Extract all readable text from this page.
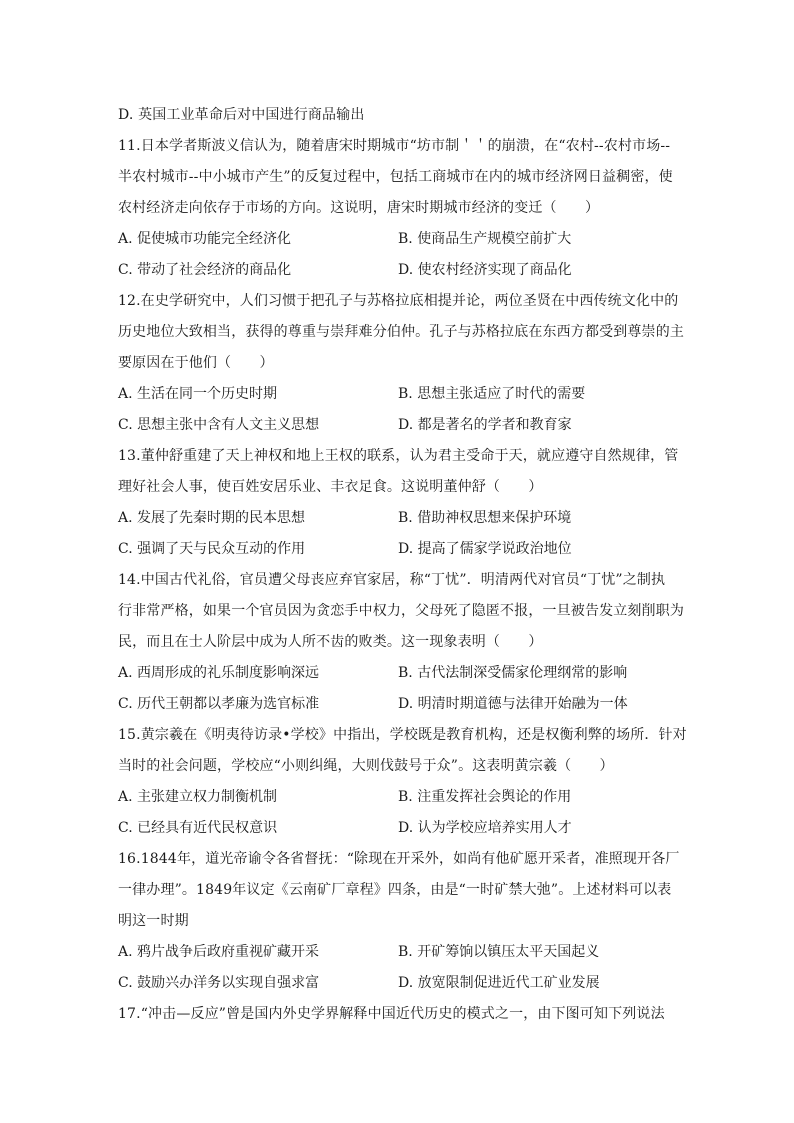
D. 英国工业革命后对中国进行商品输出
11.日本学者斯波义信认为，随着唐宋时期城市“坊市制＇＇的崩溃，在“农村--农村市场--
半农村城市--中小城市产生”的反复过程中，包括工商城市在内的城市经济网日益稠密，使
农村经济走向依存于市场的方向。这说明，唐宋时期城市经济的变迁（　　）
A. 促使城市功能完全经济化	B. 使商品生产规模空前扩大
C. 带动了社会经济的商品化	D. 使农村经济实现了商品化
12.在史学研究中，人们习惯于把孔子与苏格拉底相提并论，两位圣贤在中西传统文化中的
历史地位大致相当，获得的尊重与崇拜难分伯仲。孔子与苏格拉底在东西方都受到尊崇的主
要原因在于他们（　　）
A. 生活在同一个历史时期	B. 思想主张适应了时代的需要
C. 思想主张中含有人文主义思想	D. 都是著名的学者和教育家
13.董仲舒重建了天上神权和地上王权的联系，认为君主受命于天，就应遵守自然规律，管
理好社会人事，使百姓安居乐业、丰衣足食。这说明董仲舒（　　）
A. 发展了先秦时期的民本思想	B. 借助神权思想来保护环境
C. 强调了天与民众互动的作用	D. 提高了儒家学说政治地位
14.中国古代礼俗，官员遭父母丧应弃官家居，称“丁忧”．明清两代对官员“丁忧”之制执
行非常严格，如果一个官员因为贪恋手中权力，父母死了隐匿不报，一旦被告发立刻削职为
民，而且在士人阶层中成为人所不齿的败类。这一现象表明（　　）
A. 西周形成的礼乐制度影响深远	B. 古代法制深受儒家伦理纲常的影响
C. 历代王朝都以孝廉为选官标准	D. 明清时期道德与法律开始融为一体
15.黄宗羲在《明夷待访录•学校》中指出，学校既是教育机构，还是权衡利弊的场所．针对
当时的社会问题，学校应“小则纠绳，大则伐鼓号于众”。这表明黄宗羲（　　）
A. 主张建立权力制衡机制	B. 注重发挥社会舆论的作用
C. 已经具有近代民权意识	D. 认为学校应培养实用人才
16.1844年，道光帝谕令各省督抚：“除现在开采外，如尚有他矿愿开采者，准照现开各厂
一律办理”。1849年议定《云南矿厂章程》四条，由是“一时矿禁大弛”。上述材料可以表
明这一时期
A. 鸦片战争后政府重视矿藏开采	B. 开矿筹饷以镇压太平天国起义
C. 鼓励兴办洋务以实现自强求富	D. 放宽限制促进近代工矿业发展
17.“冲击—反应”曾是国内外史学界解释中国近代历史的模式之一，由下图可知下列说法
